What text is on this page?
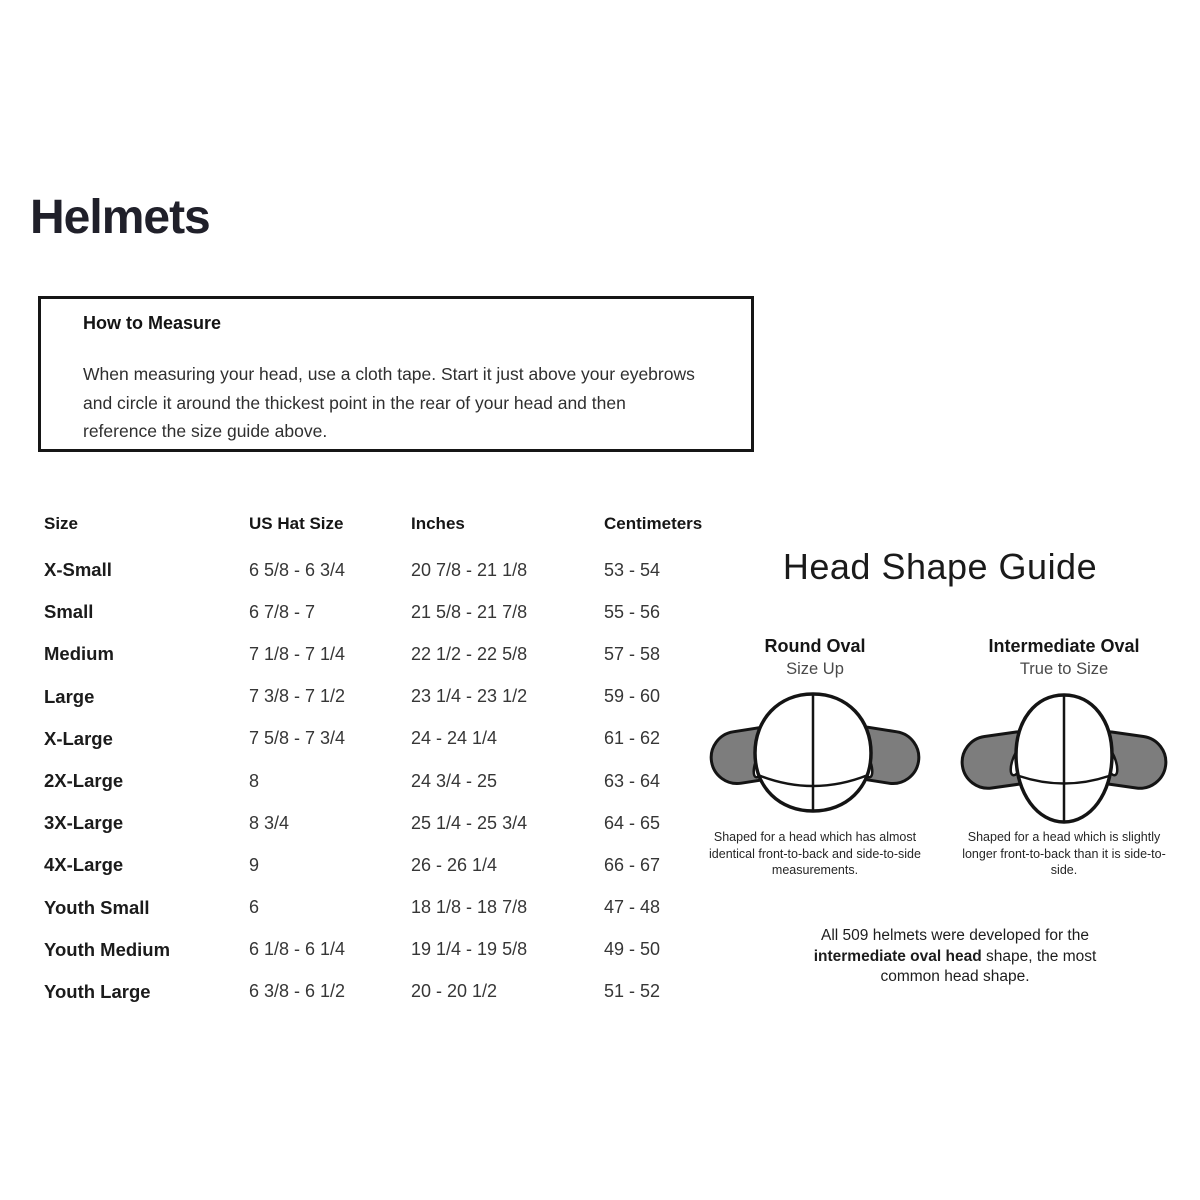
Helmets
How to Measure
When measuring your head, use a cloth tape. Start it just above your eyebrows and circle it around the thickest point in the rear of your head and then reference the size guide above.
Size	US Hat Size	Inches	Centimeters
X-Small	6 5/8 - 6 3/4	20 7/8 - 21 1/8	53 - 54
Small	6 7/8 - 7	21 5/8 - 21 7/8	55 - 56
Medium	7 1/8 - 7 1/4	22 1/2 - 22 5/8	57 - 58
Large	7 3/8 - 7 1/2	23 1/4 - 23 1/2	59 - 60
X-Large	7 5/8 - 7 3/4	24 - 24 1/4	61 - 62
2X-Large	8	24 3/4 - 25	63 - 64
3X-Large	8 3/4	25 1/4 - 25 3/4	64 - 65
4X-Large	9	26 - 26 1/4	66 - 67
Youth Small	6	18 1/8 - 18 7/8	47 - 48
Youth Medium	6 1/8 - 6 1/4	19 1/4 - 19 5/8	49 - 50
Youth Large	6 3/8 - 6 1/2	20 - 20 1/2	51 - 52
Head Shape Guide
Round Oval
Size Up
Shaped for a head which has almost identical front-to-back and side-to-side measurements.
Intermediate Oval
True to Size
Shaped for a head which is slightly longer front-to-back than it is side-to-side.
All 509 helmets were developed for the intermediate oval head shape, the most common head shape.
